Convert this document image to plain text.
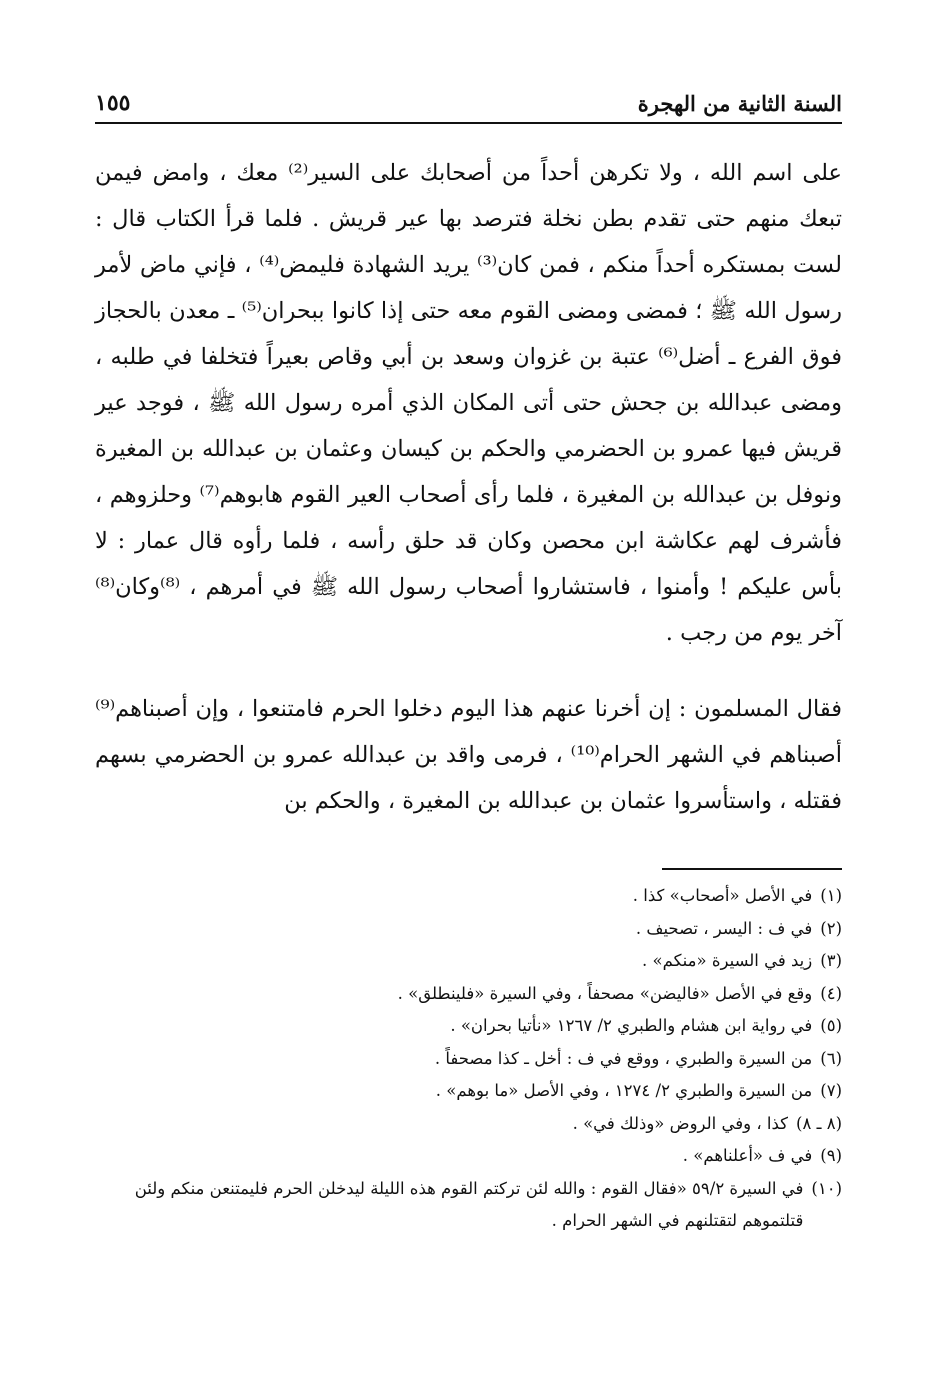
السنة الثانية من الهجرة
١٥٥

على اسم الله ، ولا تكرهن أحداً من أصحابك على السير⁽²⁾ معك ، وامض فيمن تبعك منهم حتى تقدم بطن نخلة فترصد بها عير قريش . فلما قرأ الكتاب قال : لست بمستكره أحداً منكم ، فمن كان⁽³⁾ يريد الشهادة فليمض⁽⁴⁾ ، فإني ماض لأمر رسول الله ﷺ ؛ فمضى ومضى القوم معه حتى إذا كانوا ببحران⁽⁵⁾ ـ معدن بالحجاز فوق الفرع ـ أضل⁽⁶⁾ عتبة بن غزوان وسعد بن أبي وقاص بعيراً فتخلفا في طلبه ، ومضى عبدالله بن جحش حتى أتى المكان الذي أمره رسول الله ﷺ ، فوجد عير قريش فيها عمرو بن الحضرمي والحكم بن كيسان وعثمان بن عبدالله بن المغيرة ونوفل بن عبدالله بن المغيرة ، فلما رأى أصحاب العير القوم هابوهم⁽⁷⁾ وحلزوهم ، فأشرف لهم عكاشة ابن محصن وكان قد حلق رأسه ، فلما رأوه قال عمار : لا بأس عليكم ! وأمنوا ، فاستشاروا أصحاب رسول الله ﷺ في أمرهم ، ⁽⁸⁾وكان⁽⁸⁾ آخر يوم من رجب .

فقال المسلمون : إن أخرنا عنهم هذا اليوم دخلوا الحرم فامتنعوا ، وإن أصبناهم⁽⁹⁾ أصبناهم في الشهر الحرام⁽¹⁰⁾ ، فرمى واقد بن عبدالله عمرو بن الحضرمي بسهم فقتله ، واستأسروا عثمان بن عبدالله بن المغيرة ، والحكم بن

(١)
في الأصل «أصحاب» كذا .
(٢)
في ف : اليسر ، تصحيف .
(٣)
زيد في السيرة «منكم» .
(٤)
وقع في الأصل «فاليضن» مصحفاً ، وفي السيرة «فلينطلق» .
(٥)
في رواية ابن هشام والطبري ٢/ ١٢٦٧ «نأتيا بحران» .
(٦)
من السيرة والطبري ، ووقع في ف : أخل ـ كذا مصحفاً .
(٧)
من السيرة والطبري ٢/ ١٢٧٤ ، وفي الأصل «ما بوهم» .
(٨ ـ ٨)
كذا ، وفي الروض «وذلك في» .
(٩)
في ف «أعلناهم» .
(١٠)
في السيرة ٥٩/٢ «فقال القوم : والله لئن تركتم القوم هذه الليلة ليدخلن الحرم فليمتنعن منكم ولئن قتلتموهم لتقتلنهم في الشهر الحرام .
